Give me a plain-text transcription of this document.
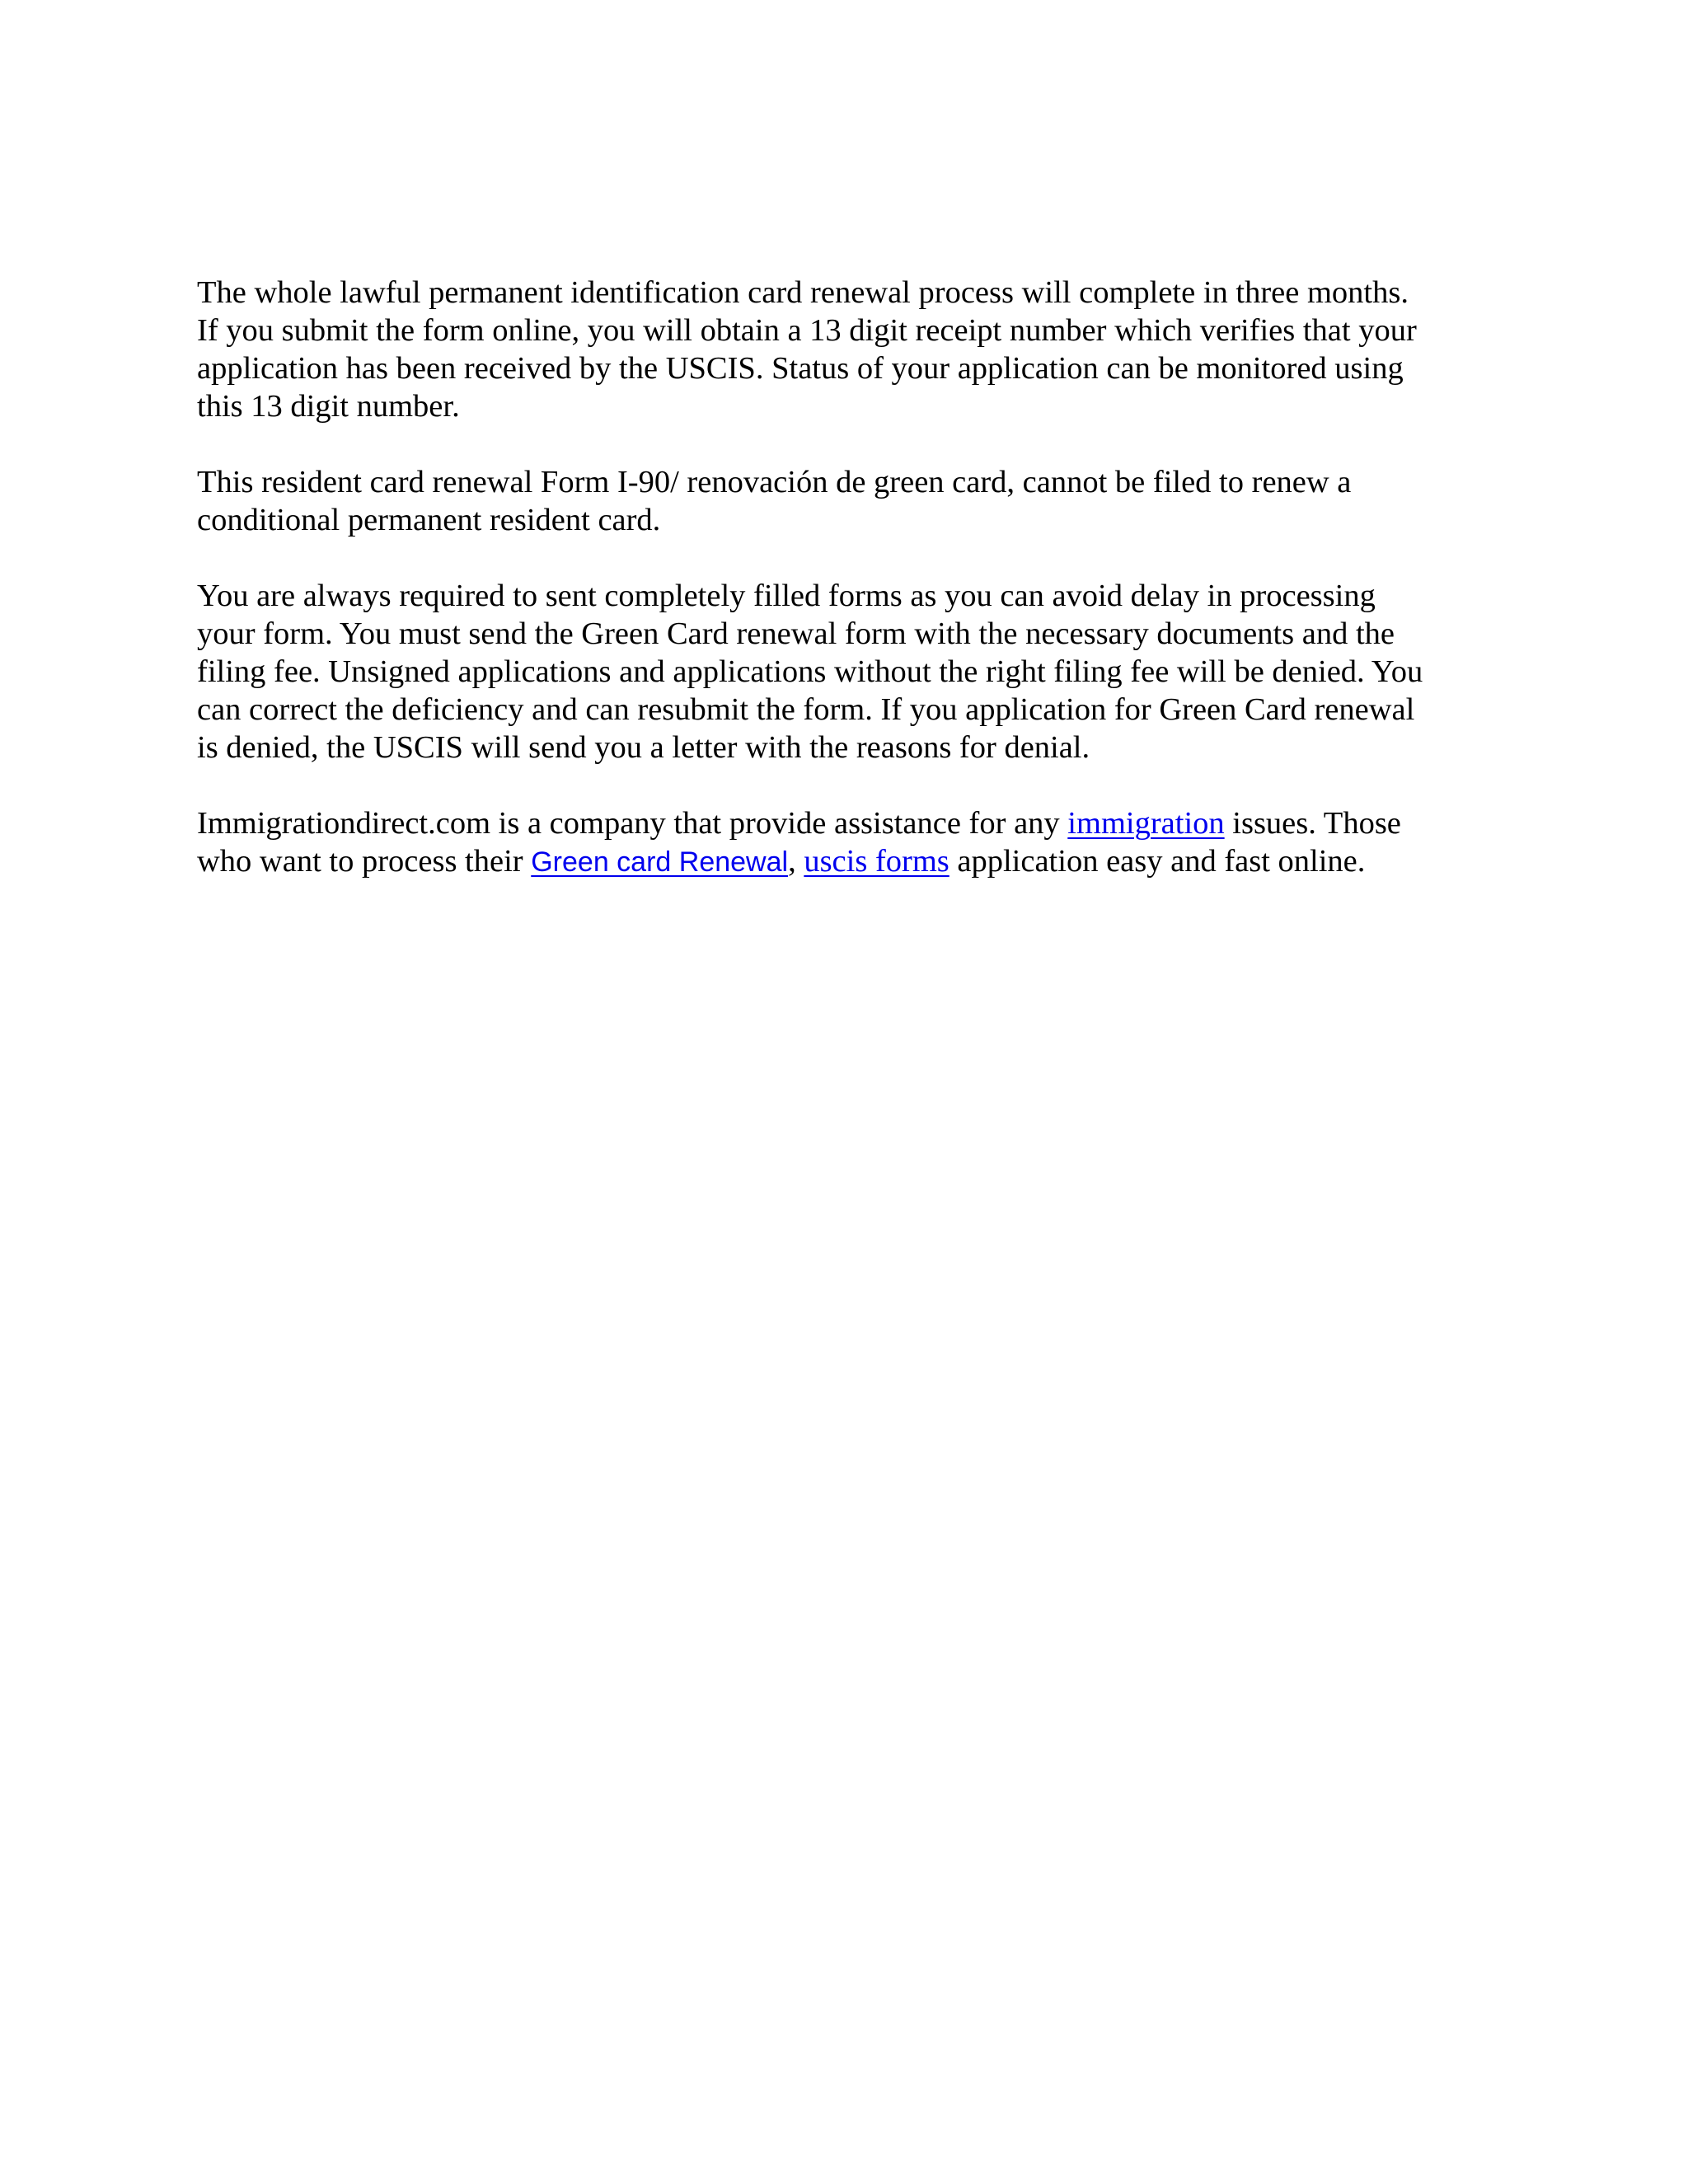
The whole lawful permanent identification card renewal process will complete in three months.
If you submit the form online, you will obtain a 13 digit receipt number which verifies that your
application has been received by the USCIS. Status of your application can be monitored using
this 13 digit number.

This resident card renewal Form I-90/ renovación de green card, cannot be filed to renew a
conditional permanent resident card.

You are always required to sent completely filled forms as you can avoid delay in processing
your form. You must send the Green Card renewal form with the necessary documents and the
filing fee. Unsigned applications and applications without the right filing fee will be denied. You
can correct the deficiency and can resubmit the form. If you application for Green Card renewal
is denied, the USCIS will send you a letter with the reasons for denial.

Immigrationdirect.com is a company that provide assistance for any immigration issues. Those
who want to process their Green card Renewal, uscis forms application easy and fast online.
